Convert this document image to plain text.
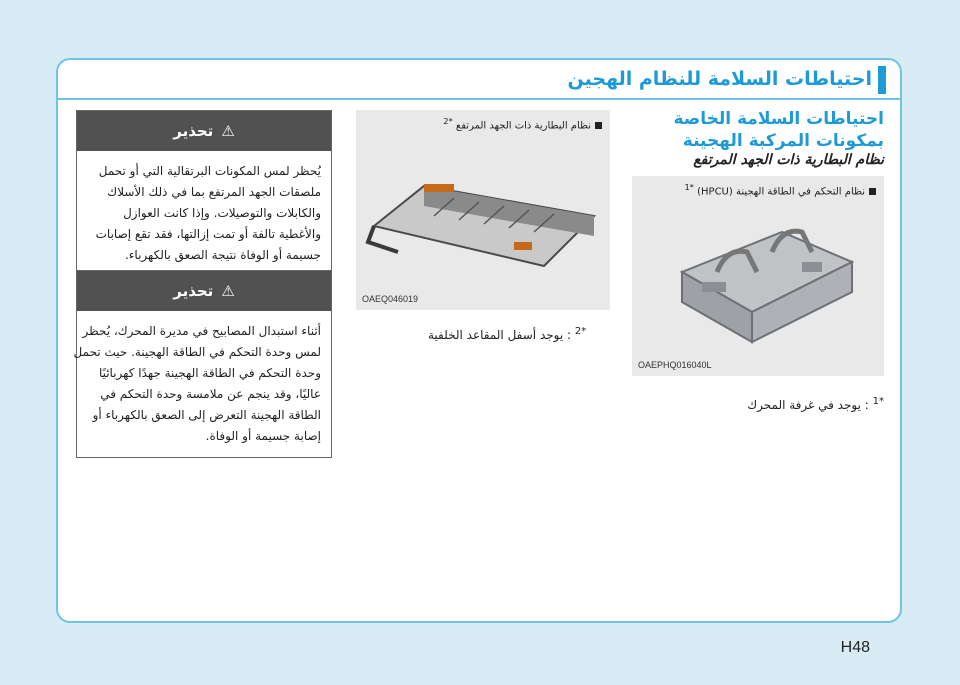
احتياطات السلامة للنظام الهجين
احتياطات السلامة الخاصة بمكونات المركبة الهجينة
نظام البطارية ذات الجهد المرتفع
نظام التحكم في الطاقة الهجينة (HPCU) $^{*1}$
OAEPHQ016040L
$^{*1}$ : يوجد في غرفة المحرك
نظام البطارية ذات الجهد المرتفع $^{*2}$
OAEQ046019
$^{*2}$ : يوجد أسفل المقاعد الخلفية
تحذير ⚠
يُحظر لمس المكونات البرتقالية التي أو تحمل
ملصقات الجهد المرتفع بما في ذلك الأسلاك
والكابلات والتوصيلات. وإذا كانت العوازل
والأغطية تالفة أو تمت إزالتها، فقد تقع إصابات
جسيمة أو الوفاة نتيجة الصعق بالكهرباء.
تحذير ⚠
أثناء استبدال المصابيح في مديرة المحرك، يُحظر
لمس وحدة التحكم في الطاقة الهجينة. حيث تحمل
وحدة التحكم في الطاقة الهجينة جهدًا كهربائيًا
عاليًا، وقد ينجم عن ملامسة وحدة التحكم في
الطاقة الهجينة التعرض إلى الصعق بالكهرباء أو
إصابة جسيمة أو الوفاة.
H48
